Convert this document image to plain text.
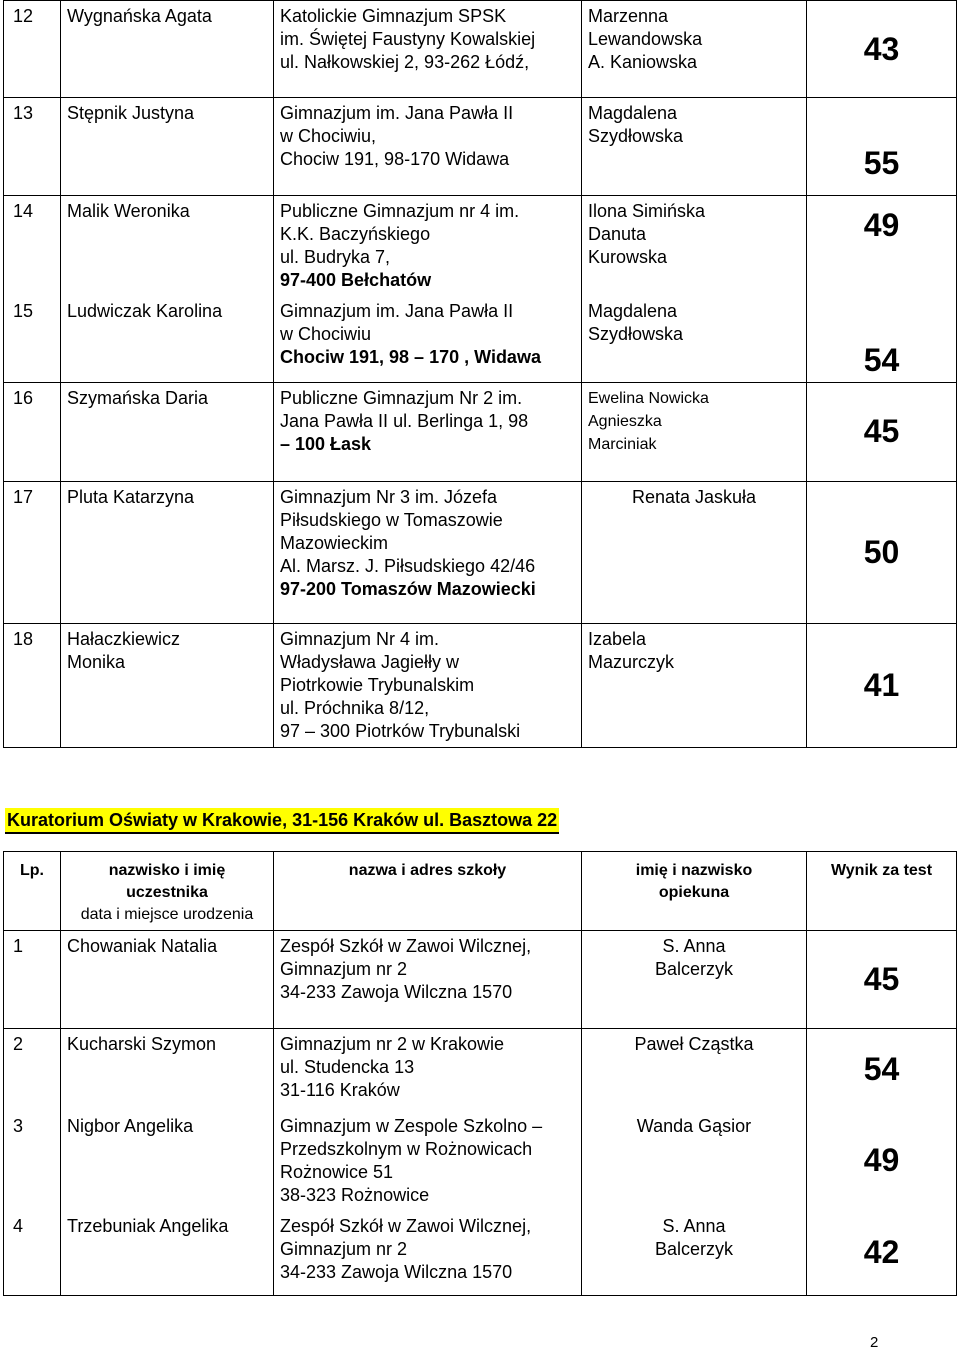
12	Wygnańska Agata	Katolickie Gimnazjum SPSK
im. Świętej Faustyny Kowalskiej
ul. Nałkowskiej 2, 93-262 Łódź,	Marzenna
Lewandowska
A. Kaniowska	43
13	Stępnik Justyna	Gimnazjum im. Jana Pawła II
w Chociwiu,
Chociw 191, 98-170 Widawa	Magdalena
Szydłowska	55
14	Malik Weronika	Publiczne Gimnazjum nr 4 im.
K.K. Baczyńskiego
ul. Budryka 7,
97-400 Bełchatów	Ilona Simińska
Danuta
Kurowska	49
15	Ludwiczak Karolina	Gimnazjum im. Jana Pawła II
w Chociwiu
Chociw 191, 98 – 170 , Widawa	Magdalena
Szydłowska	54
16	Szymańska Daria	Publiczne Gimnazjum Nr 2 im.
Jana Pawła II ul. Berlinga 1, 98
– 100 Łask	Ewelina Nowicka
Agnieszka
Marciniak	45
17	Pluta Katarzyna	Gimnazjum Nr 3 im. Józefa
Piłsudskiego w Tomaszowie
Mazowieckim
Al. Marsz. J. Piłsudskiego 42/46
97-200 Tomaszów Mazowiecki	Renata Jaskuła	50
18	Hałaczkiewicz
Monika	Gimnazjum Nr 4 im.
Władysława Jagiełły w
Piotrkowie Trybunalskim
ul. Próchnika 8/12,
97 – 300 Piotrków Trybunalski	Izabela
Mazurczyk	41
Kuratorium Oświaty w Krakowie, 31-156 Kraków ul. Basztowa 22
Lp.	nazwisko i imię
uczestnika
data i miejsce urodzenia	nazwa i adres szkoły	imię i nazwisko
opiekuna	Wynik za test
1	Chowaniak Natalia	Zespół Szkół w Zawoi Wilcznej,
Gimnazjum nr 2
34-233 Zawoja Wilczna 1570	S. Anna
Balcerzyk	45
2	Kucharski Szymon	Gimnazjum nr 2 w Krakowie
ul. Studencka 13
31-116 Kraków	Paweł Cząstka	54
3	Nigbor Angelika	Gimnazjum w Zespole Szkolno –
Przedszkolnym w Rożnowicach
Rożnowice 51
38-323 Rożnowice	Wanda Gąsior	49
4	Trzebuniak Angelika	Zespół Szkół w Zawoi Wilcznej,
Gimnazjum nr 2
34-233 Zawoja Wilczna 1570	S. Anna
Balcerzyk	42
2
